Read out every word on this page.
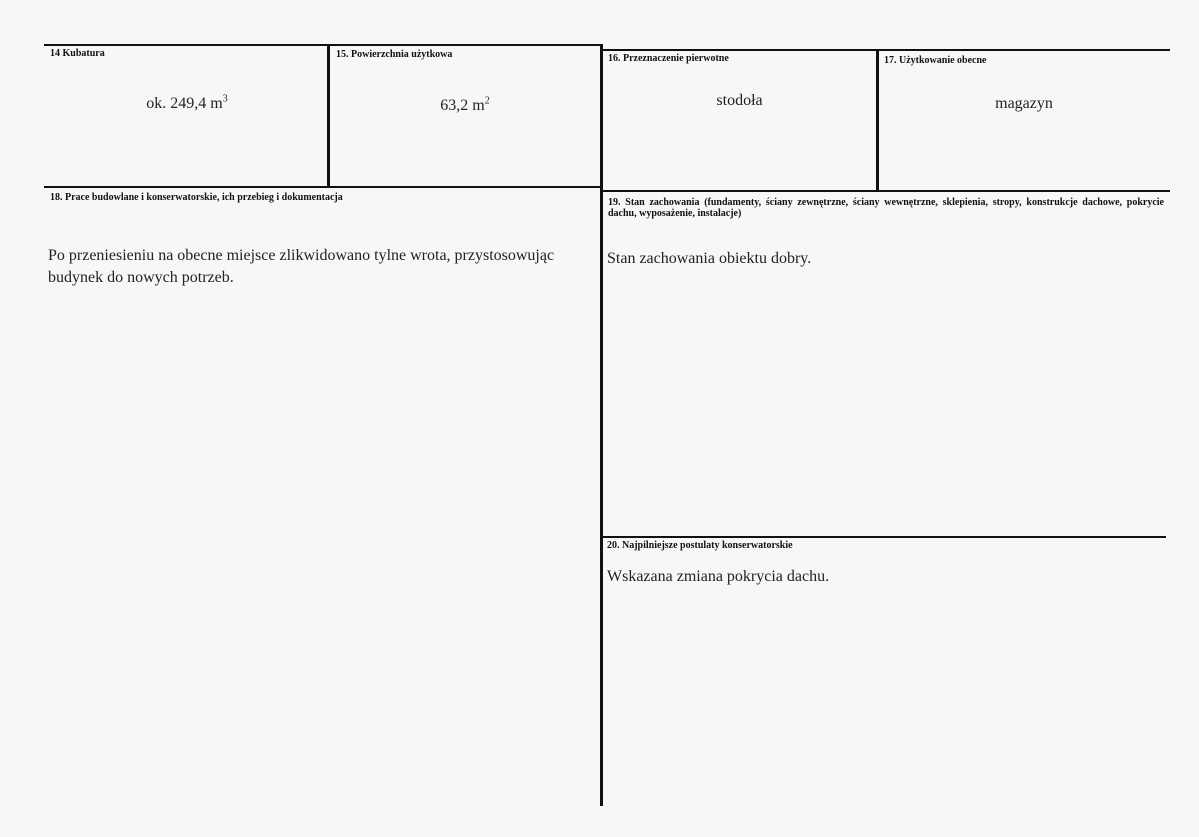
14 Kubatura
ok. 249,4 $m^3$
15. Powierzchnia użytkowa
63,2 $m^2$
16. Przeznaczenie pierwotne
stodoła
17. Użytkowanie obecne
magazyn
18. Prace budowlane i konserwatorskie, ich przebieg i dokumentacja
Po przeniesieniu na obecne miejsce zlikwidowano tylne wrota, przystosowując budynek do nowych potrzeb.
19. Stan zachowania (fundamenty, ściany zewnętrzne, ściany wewnętrzne, sklepienia, stropy, konstrukcje dachowe, pokrycie dachu, wyposażenie, instalacje)
Stan zachowania obiektu dobry.
20. Najpilniejsze postulaty konserwatorskie
Wskazana zmiana pokrycia dachu.
